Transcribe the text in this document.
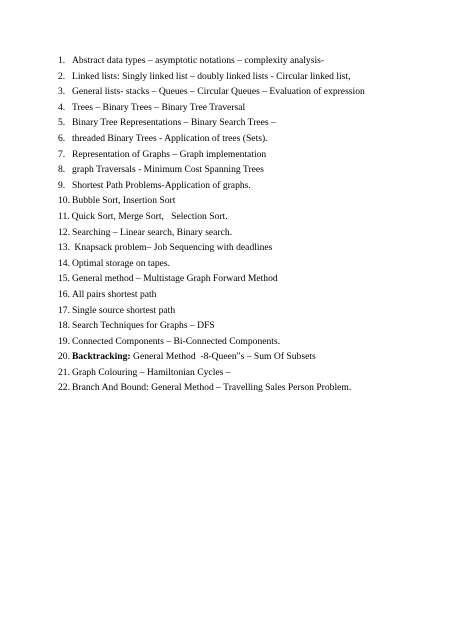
1. Abstract data types – asymptotic notations – complexity analysis-
2. Linked lists: Singly linked list – doubly linked lists - Circular linked list,
3. General lists- stacks – Queues – Circular Queues – Evaluation of expression
4. Trees – Binary Trees – Binary Tree Traversal
5. Binary Tree Representations – Binary Search Trees –
6. threaded Binary Trees - Application of trees (Sets).
7. Representation of Graphs – Graph implementation
8. graph Traversals - Minimum Cost Spanning Trees
9. Shortest Path Problems-Application of graphs.
10. Bubble Sort, Insertion Sort
11. Quick Sort, Merge Sort,   Selection Sort.
12. Searching – Linear search, Binary search.
13. Knapsack problem– Job Sequencing with deadlines
14. Optimal storage on tapes.
15. General method – Multistage Graph Forward Method
16. All pairs shortest path
17. Single source shortest path
18. Search Techniques for Graphs – DFS
19. Connected Components – Bi-Connected Components.
20. Backtracking: General Method  -8-Queen"s – Sum Of Subsets
21. Graph Colouring – Hamiltonian Cycles –
22. Branch And Bound: General Method – Travelling Sales Person Problem.
